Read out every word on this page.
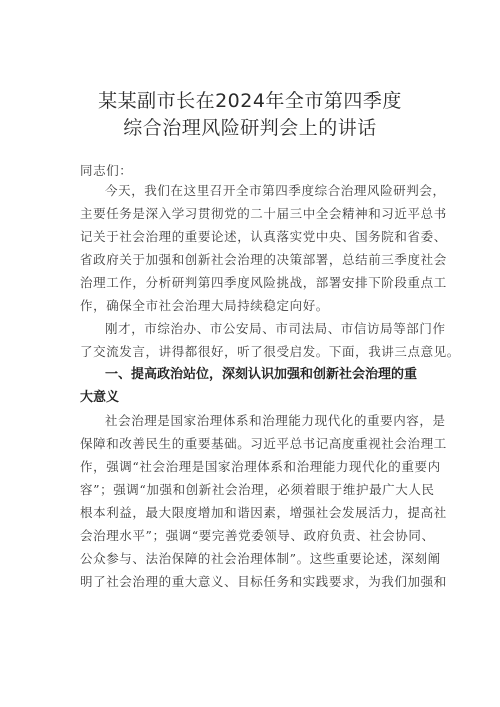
某某副市长在2024年全市第四季度
综合治理风险研判会上的讲话
同志们：
今天，我们在这里召开全市第四季度综合治理风险研判会，
主要任务是深入学习贯彻党的二十届三中全会精神和习近平总书
记关于社会治理的重要论述，认真落实党中央、国务院和省委、
省政府关于加强和创新社会治理的决策部署，总结前三季度社会
治理工作，分析研判第四季度风险挑战，部署安排下阶段重点工
作，确保全市社会治理大局持续稳定向好。
刚才，市综治办、市公安局、市司法局、市信访局等部门作
了交流发言，讲得都很好，听了很受启发。下面，我讲三点意见。
一、提高政治站位，深刻认识加强和创新社会治理的重
大意义
社会治理是国家治理体系和治理能力现代化的重要内容，是
保障和改善民生的重要基础。习近平总书记高度重视社会治理工
作，强调“社会治理是国家治理体系和治理能力现代化的重要内
容”；强调“加强和创新社会治理，必须着眼于维护最广大人民
根本利益，最大限度增加和谐因素，增强社会发展活力，提高社
会治理水平”；强调“要完善党委领导、政府负责、社会协同、
公众参与、法治保障的社会治理体制”。这些重要论述，深刻阐
明了社会治理的重大意义、目标任务和实践要求，为我们加强和
